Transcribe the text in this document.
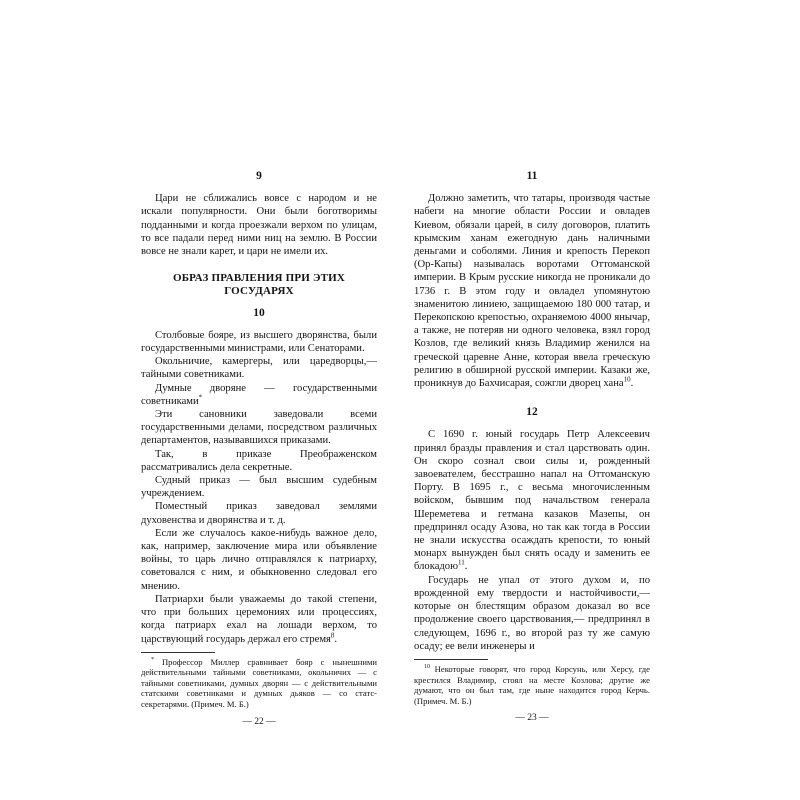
9

Цари не сближались вовсе с народом и не искали популярности. Они были боготворимы подданными и когда проезжали верхом по улицам, то все падали перед ними ниц на землю. В России вовсе не знали карет, и цари не имели их.

ОБРАЗ ПРАВЛЕНИЯ ПРИ ЭТИХ ГОСУДАРЯХ
10

Столбовые бояре, из высшего дворянства, были государственными министрами, или Сенаторами.

Окольничие, камергеры, или царедворцы,— тайными советниками.

Думные дворяне — государственными советниками*

Эти сановники заведовали всеми государственными делами, посредством различных департаментов, называвшихся приказами.

Так, в приказе Преображенском рассматривались дела секретные.

Судный приказ — был высшим судебным учреждением.

Поместный приказ заведовал землями духовенства и дворянства и т. д.

Если же случалось какое-нибудь важное дело, как, например, заключение мира или объявление войны, то царь лично отправлялся к патриарху, советовался с ним, и обыкновенно следовал его мнению.

Патриархи были уважаемы до такой степени, что при больших церемониях или процессиях, когда патриарх ехал на лошади верхом, то царствующий государь держал его стремя$^8$.

* Профессор Миллер сравнивает бояр с нынешними действительными тайными советниками, окольничих — с тайными советниками, думных дворян — с действительными статскими советниками и думных дьяков — со статс-секретарями. (Примеч. М. Б.)
— 22 —
11

Должно заметить, что татары, производя частые набеги на многие области России и овладев Киевом, обязали царей, в силу договоров, платить крымским ханам ежегодную дань наличными деньгами и соболями. Линия и крепость Перекоп (Ор-Капы) называлась воротами Оттоманской империи. В Крым русские никогда не проникали до 1736 г. В этом году и овладел упомянутою знаменитою линиею, защищаемою 180 000 татар, и Перекопскою крепостью, охраняемою 4000 янычар, а также, не потеряв ни одного человека, взял город Козлов, где великий князь Владимир женился на греческой царевне Анне, которая ввела греческую религию в обширной русской империи. Казаки же, проникнув до Бахчисарая, сожгли дворец хана$^{10}$.

12

С 1690 г. юный государь Петр Алексеевич принял бразды правления и стал царствовать один. Он скоро сознал свои силы и, рожденный завоевателем, бесстрашно напал на Оттоманскую Порту. В 1695 г., с весьма многочисленным войском, бывшим под начальством генерала Шереметева и гетмана казаков Мазепы, он предпринял осаду Азова, но так как тогда в России не знали искусства осаждать крепости, то юный монарх вынужден был снять осаду и заменить ее блокадою$^{11}$.

Государь не упал от этого духом и, по врожденной ему твердости и настойчивости,— которые он блестящим образом доказал во все продолжение своего царствования,— предпринял в следующем, 1696 г., во второй раз ту же самую осаду; ее вели инженеры и

$^{10}$ Некоторые говорят, что город Корсунь, или Херсу, где крестился Владимир, стоял на месте Козлова; другие же думают, что он был там, где ныне находится город Керчь. (Примеч. М. Б.)
— 23 —
